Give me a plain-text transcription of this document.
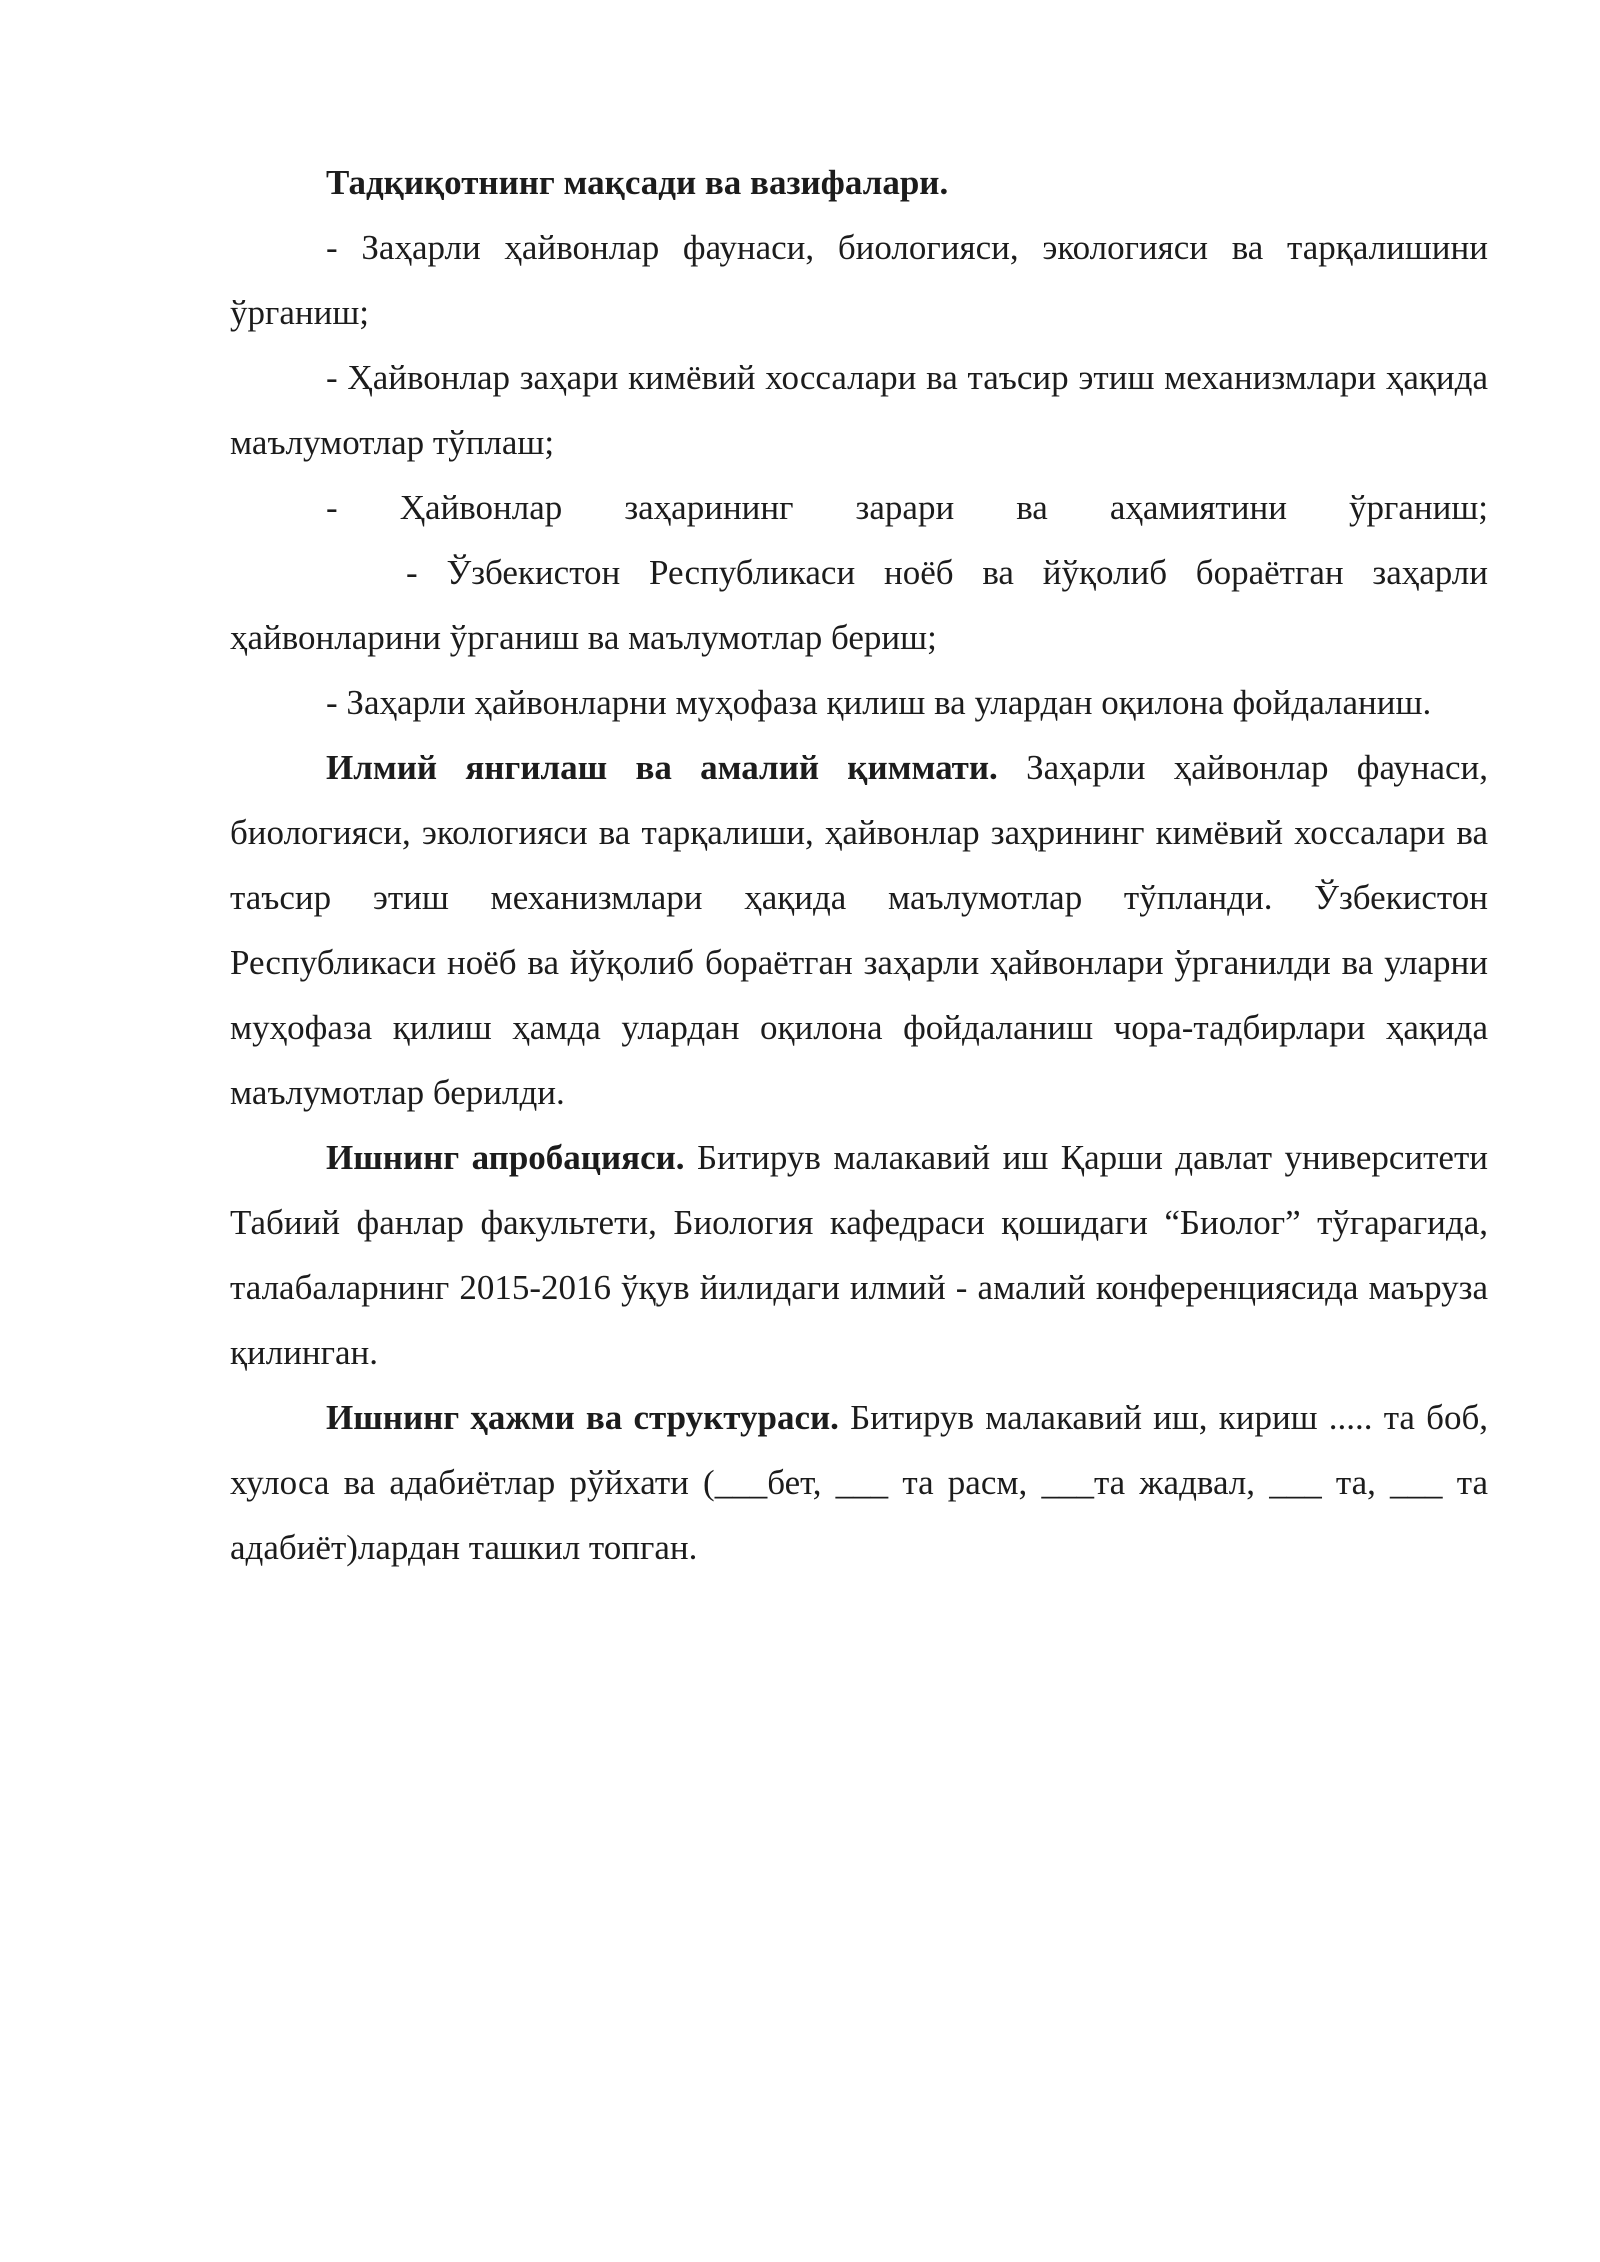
Тадқиқотнинг мақсади ва вазифалари.

- Заҳарли ҳайвонлар фаунаси, биологияси, экологияси ва тарқалишини ўрганиш;

- Ҳайвонлар заҳари кимёвий хоссалари ва таъсир этиш механизмлари ҳақида маълумотлар тўплаш;

- Ҳайвонлар заҳарининг зарари ва аҳамиятини ўрганиш;

- Ўзбекистон Республикаси ноёб ва йўқолиб бораётган заҳарли ҳайвонларини ўрганиш ва маълумотлар бериш;

- Заҳарли ҳайвонларни муҳофаза қилиш ва улардан оқилона фойдаланиш.

Илмий янгилаш ва амалий қиммати. Заҳарли ҳайвонлар фаунаси, биологияси, экологияси ва тарқалиши, ҳайвонлар заҳрининг кимёвий хоссалари ва таъсир этиш механизмлари ҳақида маълумотлар тўпланди. Ўзбекистон Республикаси ноёб ва йўқолиб бораётган заҳарли ҳайвонлари ўрганилди ва уларни муҳофаза қилиш ҳамда улардан оқилона фойдаланиш чора-тадбирлари ҳақида маълумотлар берилди.

Ишнинг апробацияси. Битирув малакавий иш Қарши давлат университети Табиий фанлар факультети, Биология кафедраси қошидаги “Биолог” тўгарагида, талабаларнинг 2015-2016 ўқув йилидаги илмий - амалий конференциясида маъруза қилинган.

Ишнинг ҳажми ва структураси. Битирув малакавий иш, кириш ..... та боб, хулоса ва адабиётлар рўйхати (___бет, ___ та расм, ___та жадвал, ___ та, ___ та адабиёт)лардан ташкил топган.
